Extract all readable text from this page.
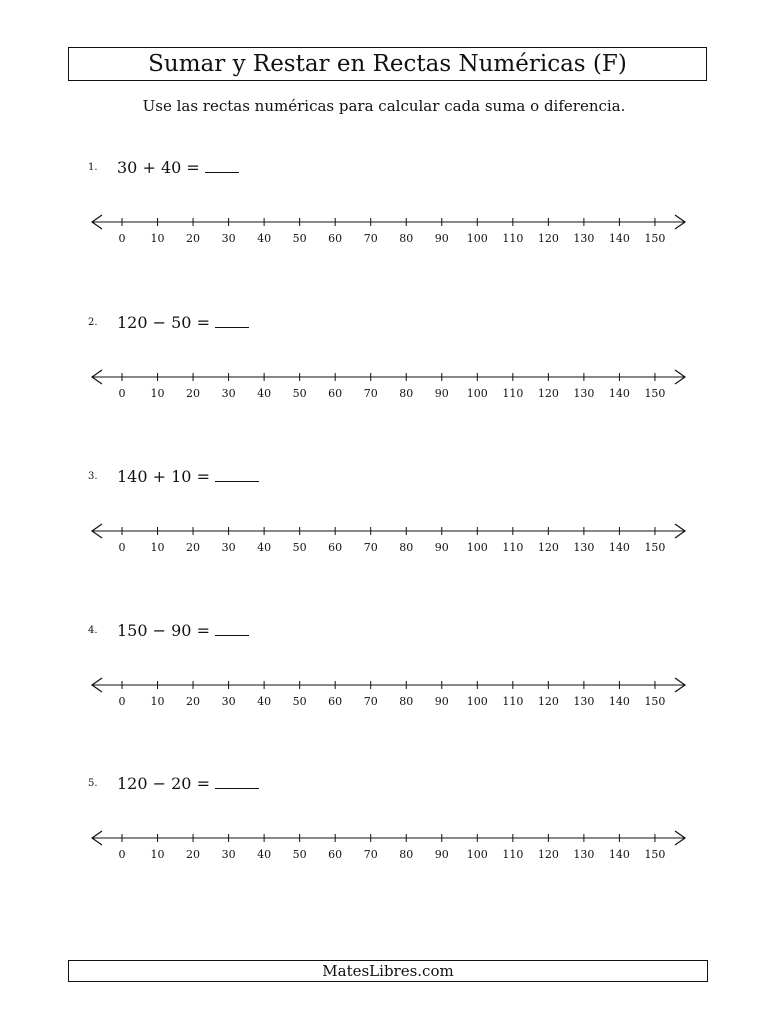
Sumar y Restar en Rectas Numéricas (F)
Use las rectas numéricas para calcular cada suma o diferencia.
1. 30 + 40 =
0 10 20 30 40 50 60 70 80 90 100 110 120 130 140 150
2. 120 − 50 =
0 10 20 30 40 50 60 70 80 90 100 110 120 130 140 150
3. 140 + 10 =
0 10 20 30 40 50 60 70 80 90 100 110 120 130 140 150
4. 150 − 90 =
0 10 20 30 40 50 60 70 80 90 100 110 120 130 140 150
5. 120 − 20 =
0 10 20 30 40 50 60 70 80 90 100 110 120 130 140 150
MatesLibres.com
